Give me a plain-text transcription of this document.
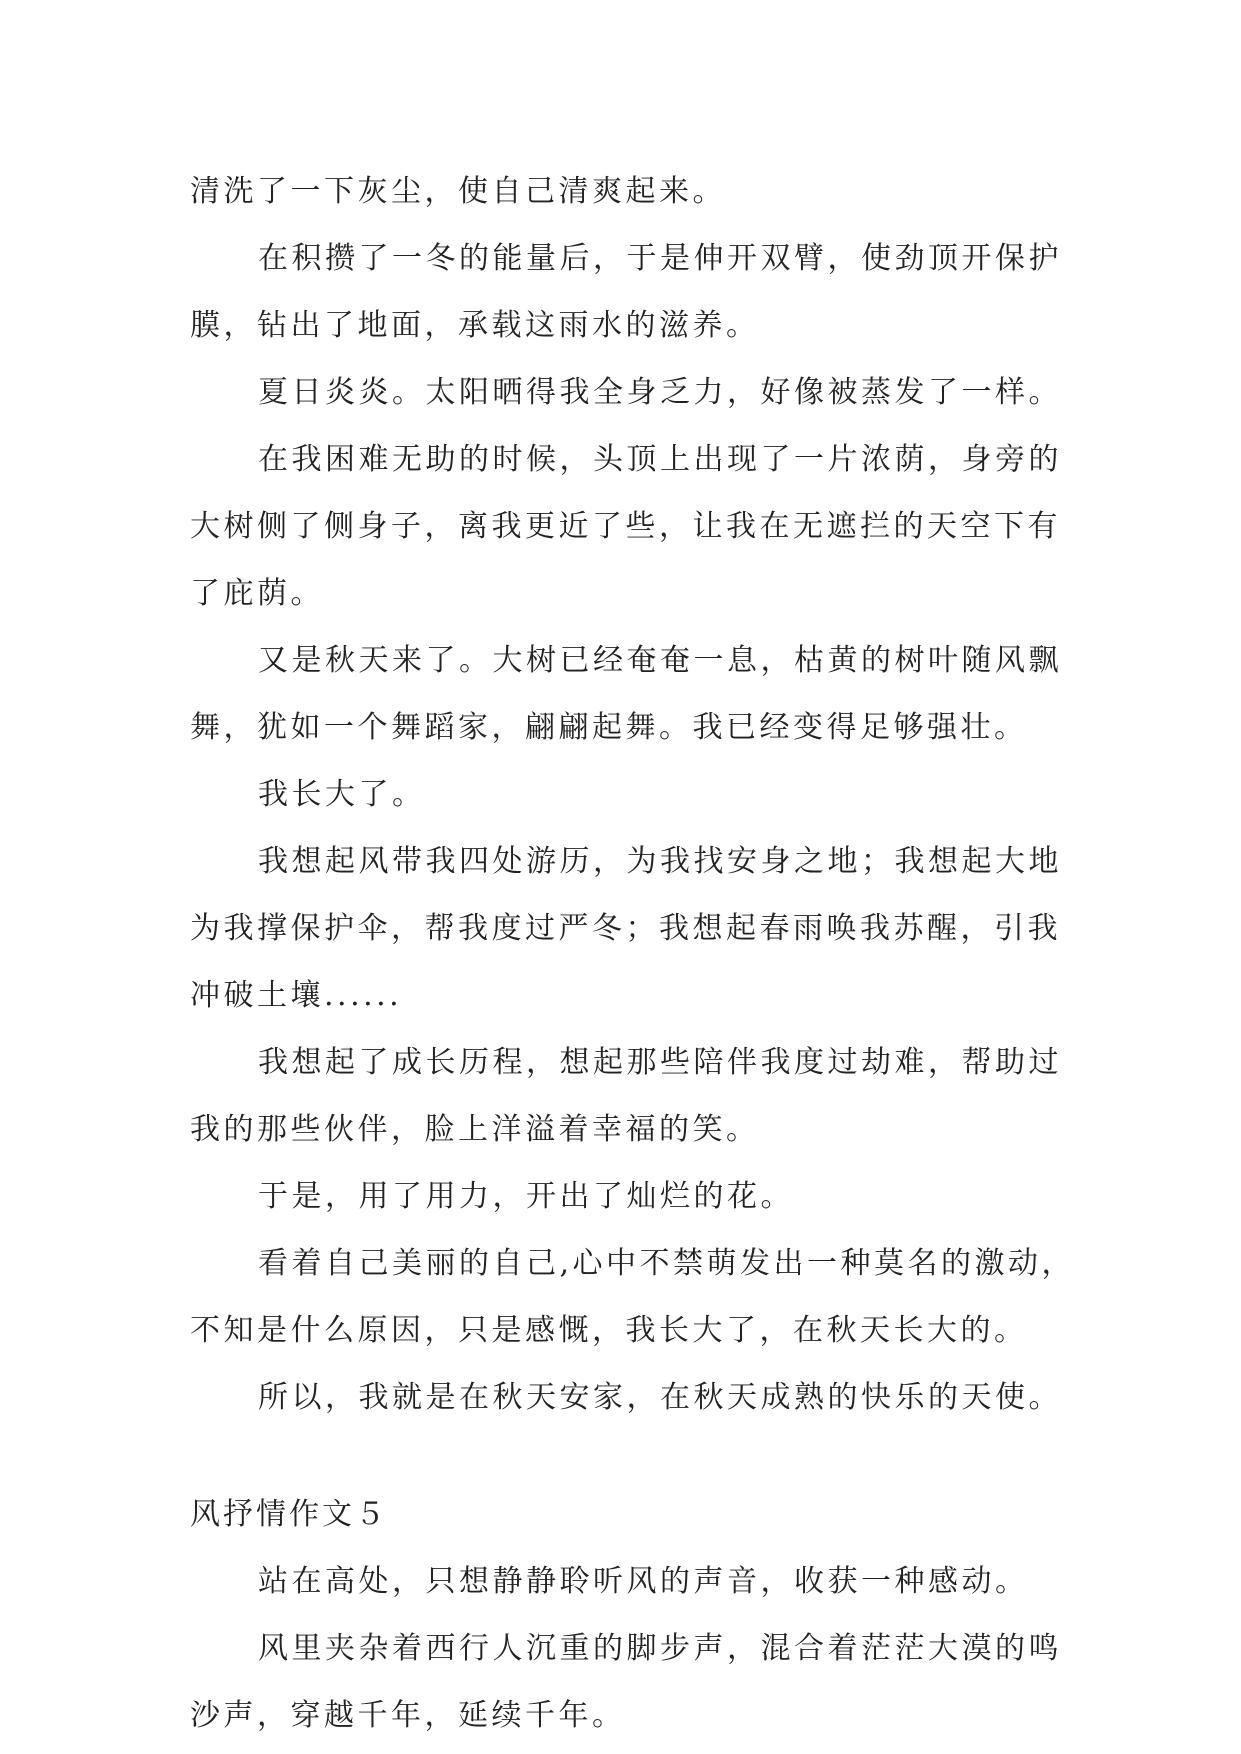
清洗了一下灰尘，使自己清爽起来。
在积攒了一冬的能量后，于是伸开双臂，使劲顶开保护
膜，钻出了地面，承载这雨水的滋养。
夏日炎炎。太阳晒得我全身乏力，好像被蒸发了一样。
在我困难无助的时候，头顶上出现了一片浓荫，身旁的
大树侧了侧身子，离我更近了些，让我在无遮拦的天空下有
了庇荫。
又是秋天来了。大树已经奄奄一息，枯黄的树叶随风飘
舞，犹如一个舞蹈家，翩翩起舞。我已经变得足够强壮。
我长大了。
我想起风带我四处游历，为我找安身之地；我想起大地
为我撑保护伞，帮我度过严冬；我想起春雨唤我苏醒，引我
冲破土壤......
我想起了成长历程，想起那些陪伴我度过劫难，帮助过
我的那些伙伴，脸上洋溢着幸福的笑。
于是，用了用力，开出了灿烂的花。
看着自己美丽的自己,心中不禁萌发出一种莫名的激动，
不知是什么原因，只是感慨，我长大了，在秋天长大的。
所以，我就是在秋天安家，在秋天成熟的快乐的天使。
风抒情作文５
站在高处，只想静静聆听风的声音，收获一种感动。
风里夹杂着西行人沉重的脚步声，混合着茫茫大漠的鸣
沙声，穿越千年，延续千年。
